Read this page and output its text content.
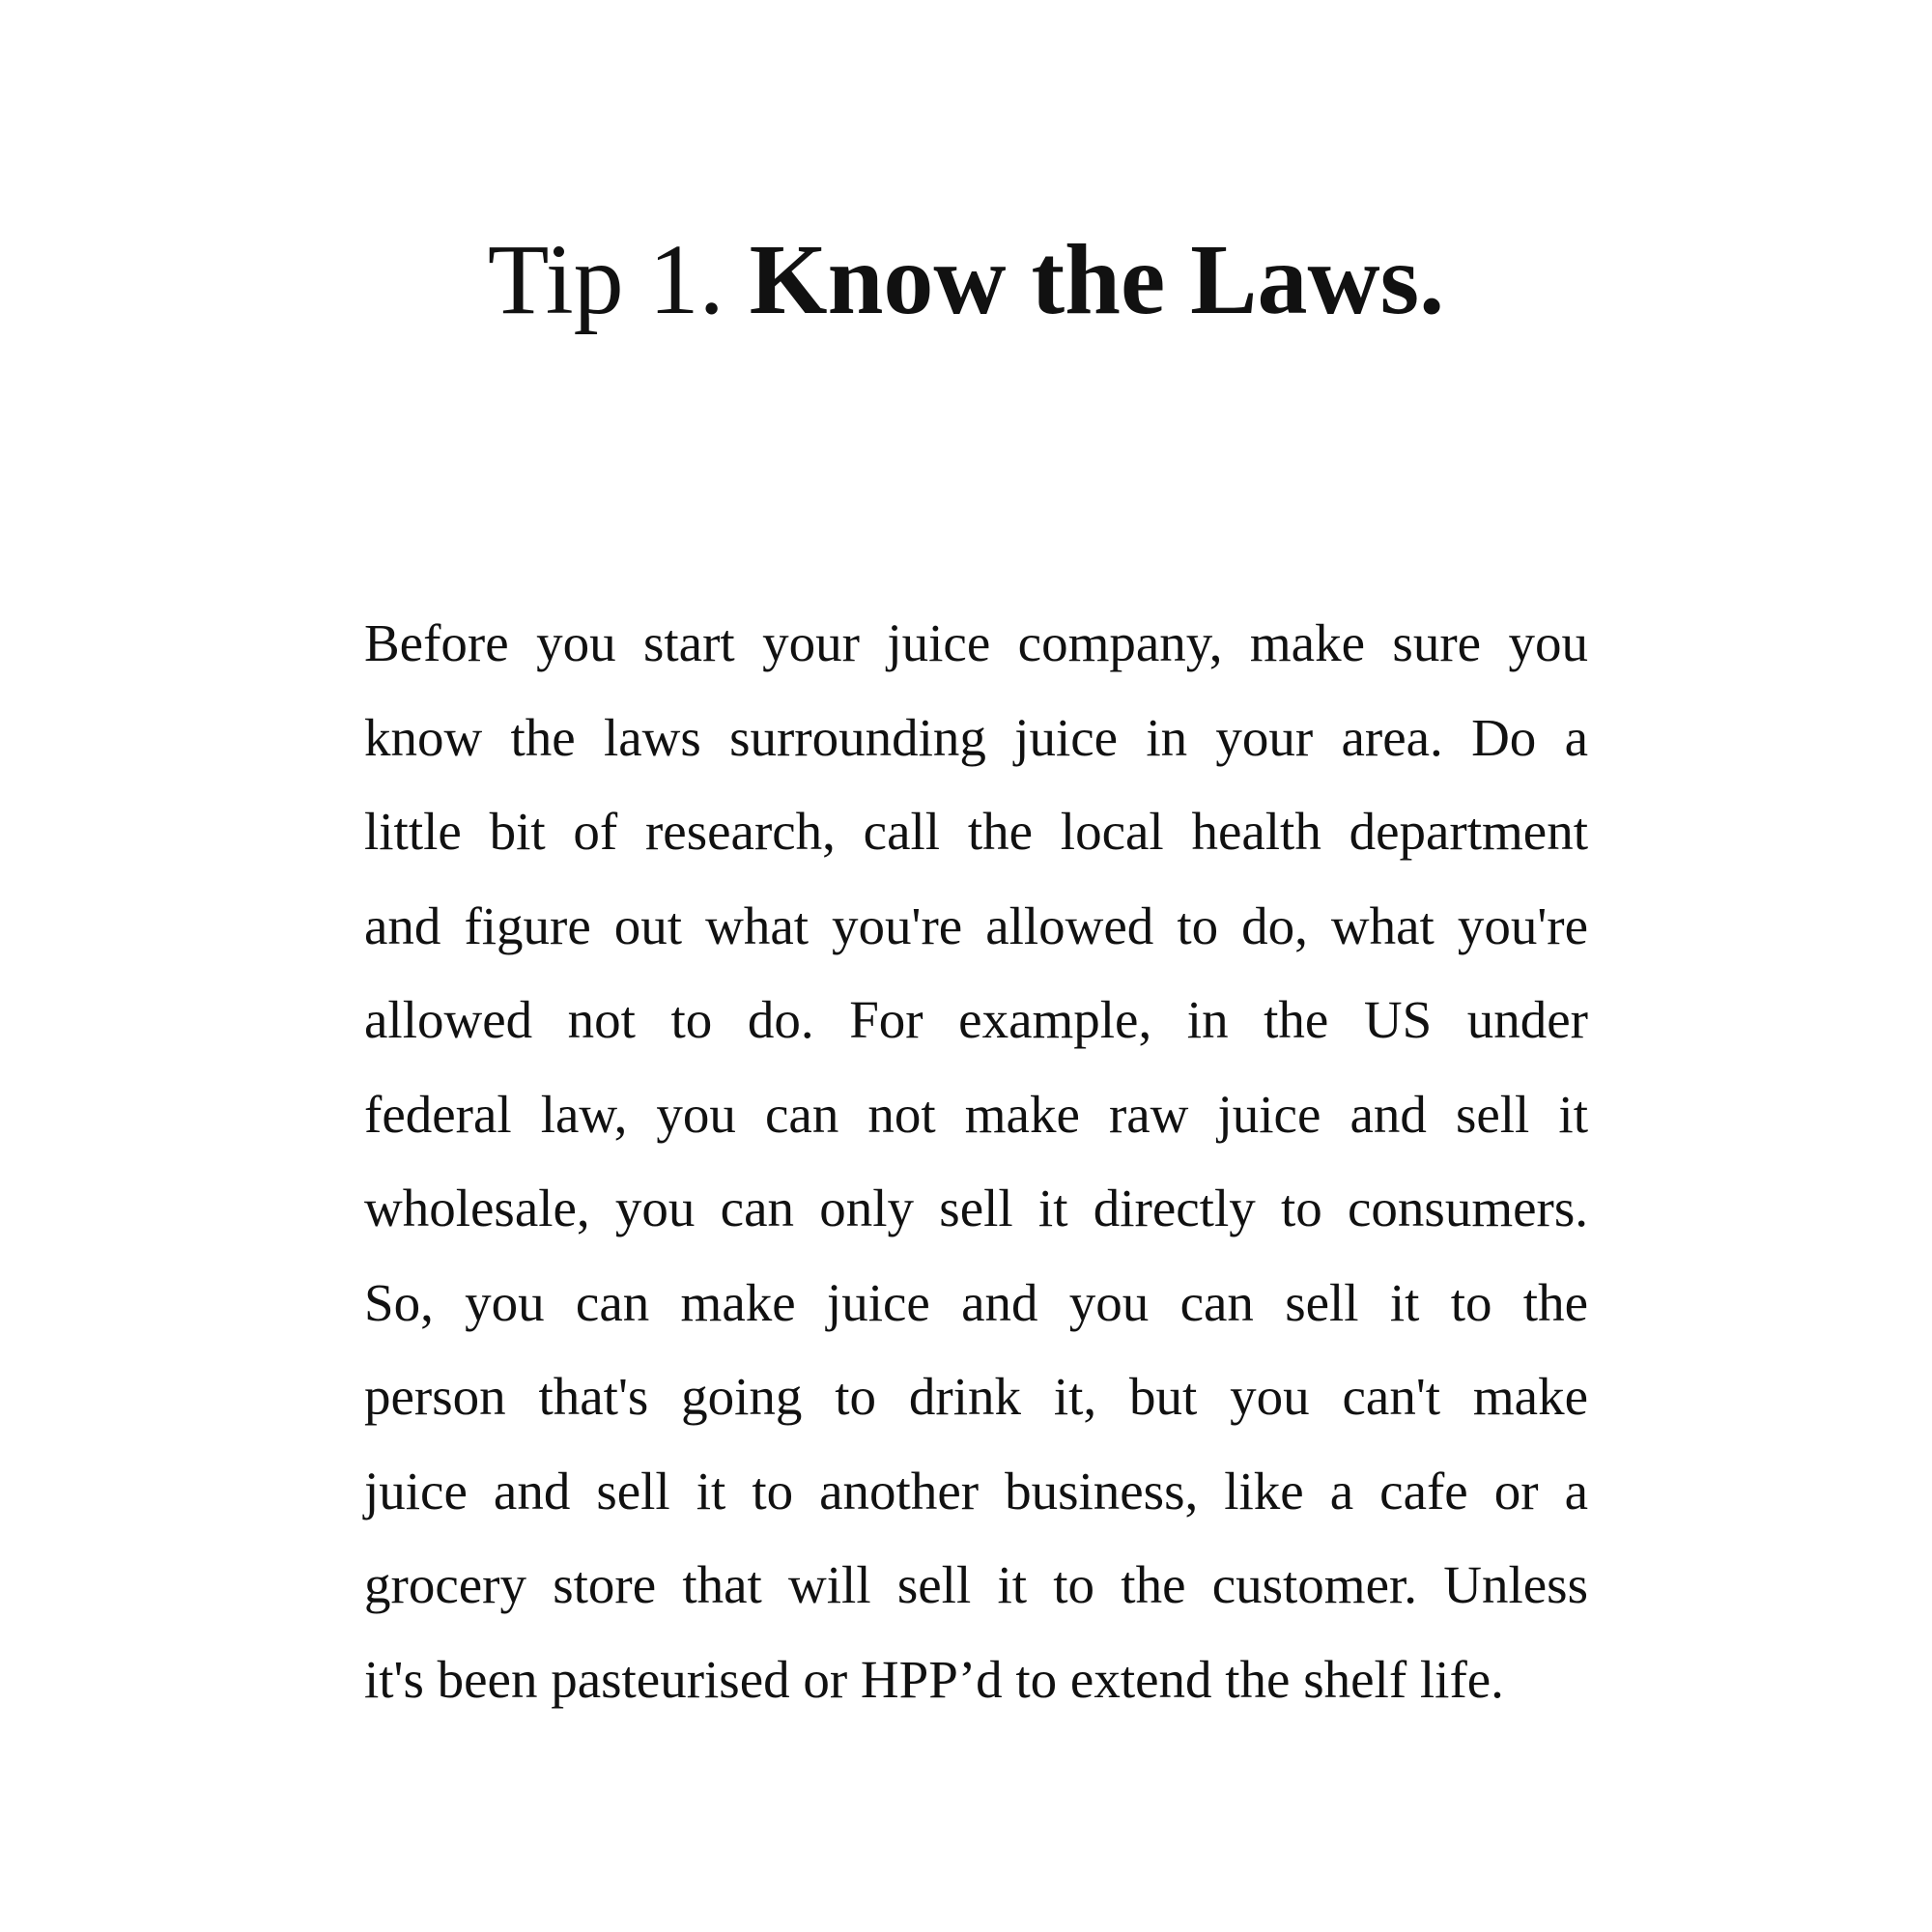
Tip 1. Know the Laws.
Before you start your juice company, make sure you
know the laws surrounding juice in your area. Do a
little bit of research, call the local health department
and figure out what you're allowed to do, what you're
allowed not to do. For example, in the US under
federal law, you can not make raw juice and sell it
wholesale, you can only sell it directly to consumers.
So, you can make juice and you can sell it to the
person that's going to drink it, but you can't make
juice and sell it to another business, like a cafe or a
grocery store that will sell it to the customer. Unless
it's been pasteurised or HPP’d to extend the shelf life.
